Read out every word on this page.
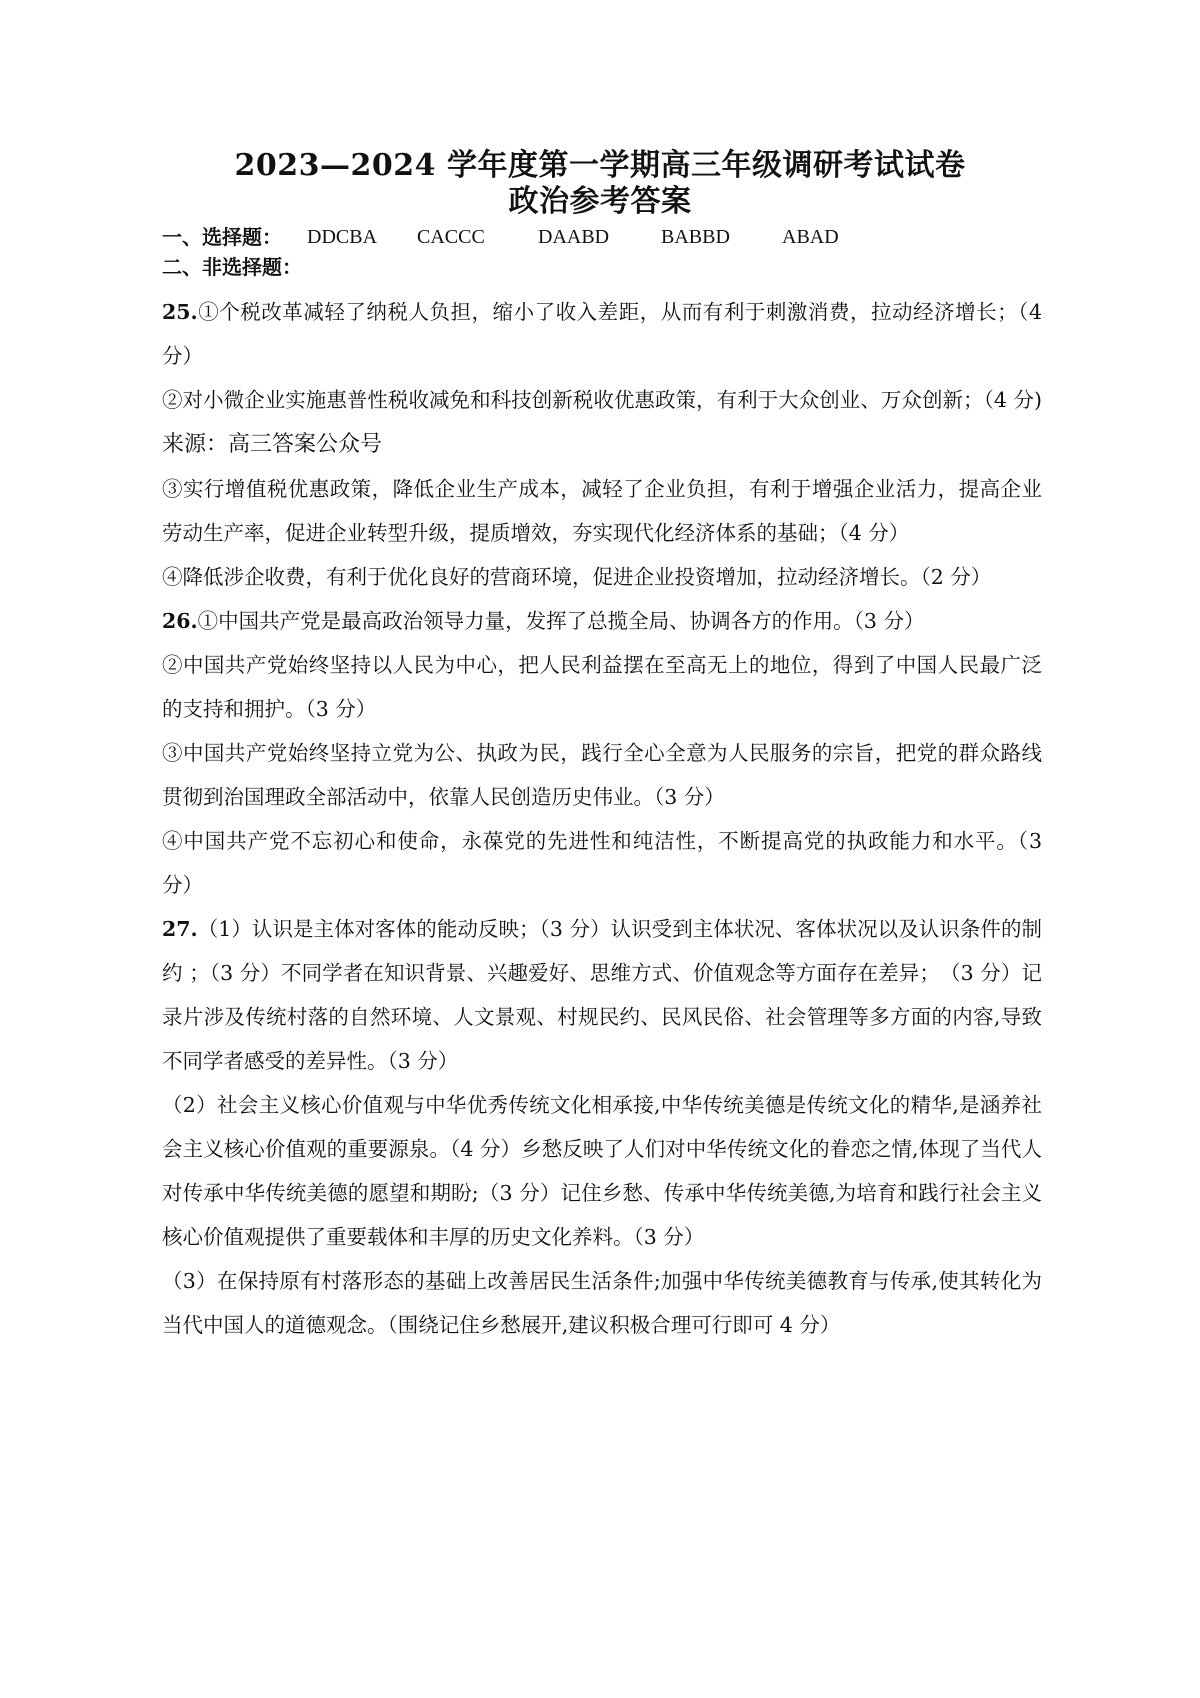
2023—2024 学年度第一学期高三年级调研考试试卷
政治参考答案
一、选择题： DDCBA CACCC	DAABD	BABBD	ABAD
二、非选择题：

25.①个税改革减轻了纳税人负担，缩小了收入差距，从而有利于刺激消费，拉动经济增长；（4 分）

②对小微企业实施惠普性税收减免和科技创新税收优惠政策，有利于大众创业、万众创新；（4 分)来源：高三答案公众号

③实行增值税优惠政策，降低企业生产成本，减轻了企业负担，有利于增强企业活力，提高企业劳动生产率，促进企业转型升级，提质增效，夯实现代化经济体系的基础；（4 分）

④降低涉企收费，有利于优化良好的营商环境，促进企业投资增加，拉动经济增长。（2 分）

26.①中国共产党是最高政治领导力量，发挥了总揽全局、协调各方的作用。（3 分）

②中国共产党始终坚持以人民为中心，把人民利益摆在至高无上的地位，得到了中国人民最广泛的支持和拥护。（3 分）

③中国共产党始终坚持立党为公、执政为民，践行全心全意为人民服务的宗旨，把党的群众路线贯彻到治国理政全部活动中，依靠人民创造历史伟业。（3 分）

④中国共产党不忘初心和使命，永葆党的先进性和纯洁性，不断提高党的执政能力和水平。（3 分）

27.（1）认识是主体对客体的能动反映；（3 分）认识受到主体状况、客体状况以及认识条件的制约 ；（3 分）不同学者在知识背景、兴趣爱好、思维方式、价值观念等方面存在差异；　（3 分）记录片涉及传统村落的自然环境、人文景观、村规民约、民风民俗、社会管理等多方面的内容,导致不同学者感受的差异性。（3 分）

（2）社会主义核心价值观与中华优秀传统文化相承接,中华传统美德是传统文化的精华,是涵养社会主义核心价值观的重要源泉。（4 分）乡愁反映了人们对中华传统文化的眷恋之情,体现了当代人对传承中华传统美德的愿望和期盼;（3 分）记住乡愁、传承中华传统美德,为培育和践行社会主义核心价值观提供了重要载体和丰厚的历史文化养料。（3 分）

（3）在保持原有村落形态的基础上改善居民生活条件;加强中华传统美德教育与传承,使其转化为当代中国人的道德观念。（围绕记住乡愁展开,建议积极合理可行即可 4 分）
